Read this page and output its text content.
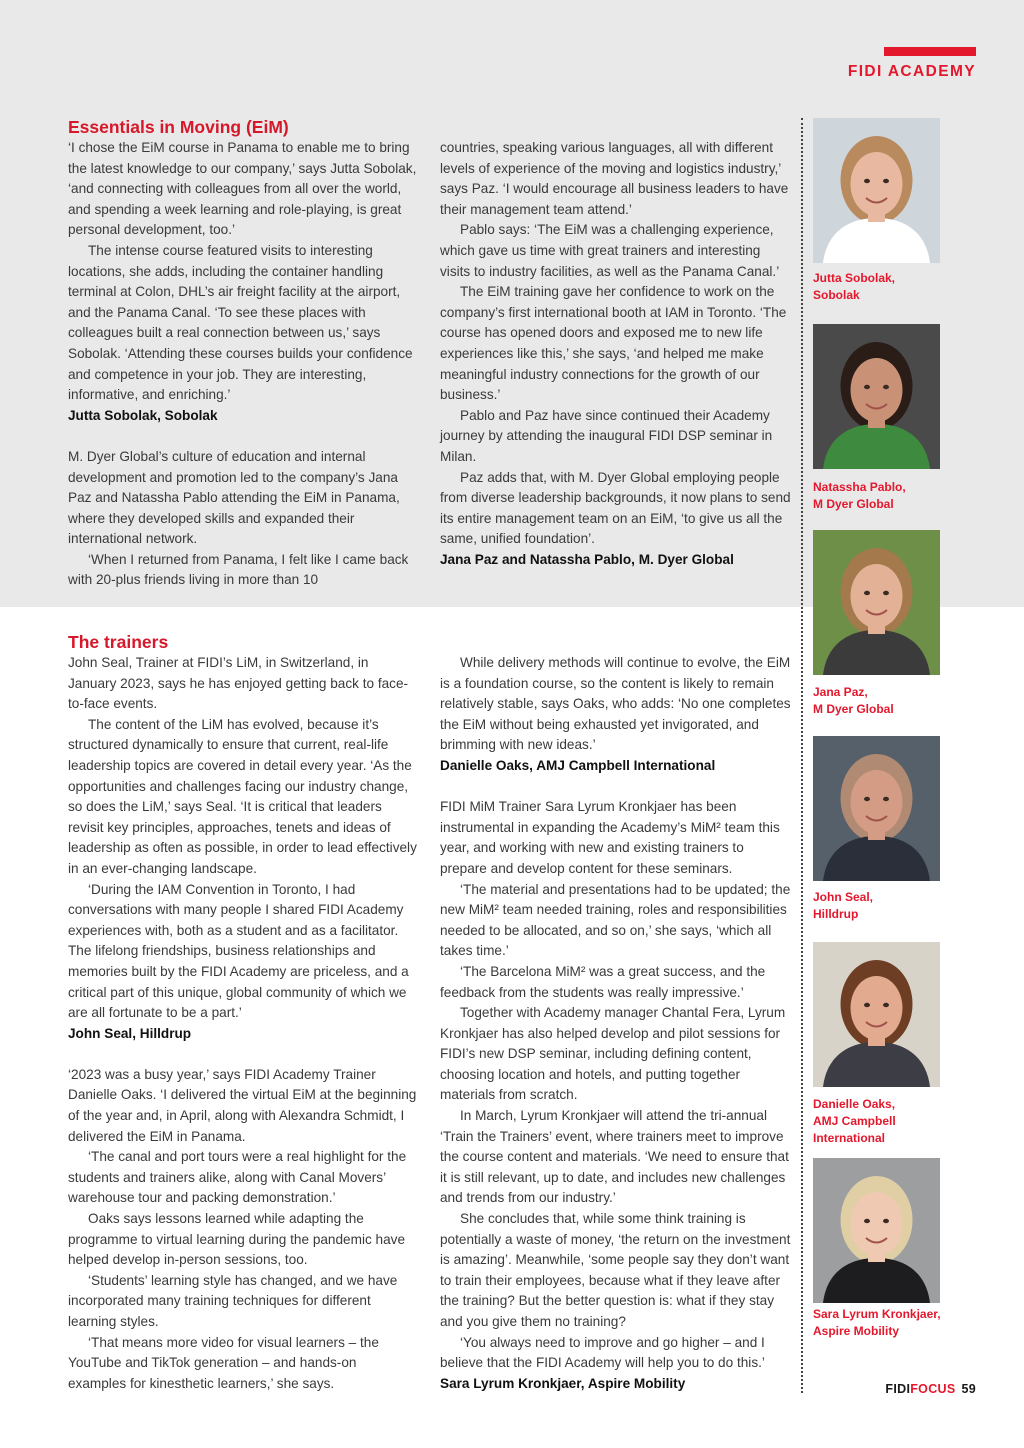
FIDI ACADEMY
Essentials in Moving (EiM)

‘I chose the EiM course in Panama to enable me to bring the latest knowledge to our company,’ says Jutta Sobolak, ‘and connecting with colleagues from all over the world, and spending a week learning and role-playing, is great personal development, too.’

The intense course featured visits to interesting locations, she adds, including the container handling terminal at Colon, DHL’s air freight facility at the airport, and the Panama Canal. ‘To see these places with colleagues built a real connection between us,’ says Sobolak. ‘Attending these courses builds your confidence and competence in your job. They are interesting, informative, and enriching.’

Jutta Sobolak, Sobolak

M. Dyer Global’s culture of education and internal development and promotion led to the company’s Jana Paz and Natassha Pablo attending the EiM in Panama, where they developed skills and expanded their international network.

‘When I returned from Panama, I felt like I came back with 20-plus friends living in more than 10

countries, speaking various languages, all with different levels of experience of the moving and logistics industry,’ says Paz. ‘I would encourage all business leaders to have their management team attend.’

Pablo says: ‘The EiM was a challenging experience, which gave us time with great trainers and interesting visits to industry facilities, as well as the Panama Canal.’

The EiM training gave her confidence to work on the company’s first international booth at IAM in Toronto. ‘The course has opened doors and exposed me to new life experiences like this,’ she says, ‘and helped me make meaningful industry connections for the growth of our business.’

Pablo and Paz have since continued their Academy journey by attending the inaugural FIDI DSP seminar in Milan.

Paz adds that, with M. Dyer Global employing people from diverse leadership backgrounds, it now plans to send its entire management team on an EiM, ‘to give us all the same, unified foundation’.

Jana Paz and Natassha Pablo, M. Dyer Global

The trainers

John Seal, Trainer at FIDI’s LiM, in Switzerland, in January 2023, says he has enjoyed getting back to face-to-face events.

The content of the LiM has evolved, because it’s structured dynamically to ensure that current, real-life leadership topics are covered in detail every year. ‘As the opportunities and challenges facing our industry change, so does the LiM,’ says Seal. ‘It is critical that leaders revisit key principles, approaches, tenets and ideas of leadership as often as possible, in order to lead effectively in an ever-changing landscape.

‘During the IAM Convention in Toronto, I had conversations with many people I shared FIDI Academy experiences with, both as a student and as a facilitator. The lifelong friendships, business relationships and memories built by the FIDI Academy are priceless, and a critical part of this unique, global community of which we are all fortunate to be a part.’

John Seal, Hilldrup

‘2023 was a busy year,’ says FIDI Academy Trainer Danielle Oaks. ‘I delivered the virtual EiM at the beginning of the year and, in April, along with Alexandra Schmidt, I delivered the EiM in Panama.

‘The canal and port tours were a real highlight for the students and trainers alike, along with Canal Movers’ warehouse tour and packing demonstration.’

Oaks says lessons learned while adapting the programme to virtual learning during the pandemic have helped develop in-person sessions, too.

‘Students’ learning style has changed, and we have incorporated many training techniques for different learning styles.

‘That means more video for visual learners – the YouTube and TikTok generation – and hands-on examples for kinesthetic learners,’ she says.

While delivery methods will continue to evolve, the EiM is a foundation course, so the content is likely to remain relatively stable, says Oaks, who adds: ‘No one completes the EiM without being exhausted yet invigorated, and brimming with new ideas.’

Danielle Oaks, AMJ Campbell International

FIDI MiM Trainer Sara Lyrum Kronkjaer has been instrumental in expanding the Academy’s MiM² team this year, and working with new and existing trainers to prepare and develop content for these seminars.

‘The material and presentations had to be updated; the new MiM² team needed training, roles and responsibilities needed to be allocated, and so on,’ she says, ‘which all takes time.’

‘The Barcelona MiM² was a great success, and the feedback from the students was really impressive.’

Together with Academy manager Chantal Fera, Lyrum Kronkjaer has also helped develop and pilot sessions for FIDI’s new DSP seminar, including defining content, choosing location and hotels, and putting together materials from scratch.

In March, Lyrum Kronkjaer will attend the tri-annual ‘Train the Trainers’ event, where trainers meet to improve the course content and materials. ‘We need to ensure that it is still relevant, up to date, and includes new challenges and trends from our industry.’

She concludes that, while some think training is potentially a waste of money, ‘the return on the investment is amazing’. Meanwhile, ‘some people say they don’t want to train their employees, because what if they leave after the training? But the better question is: what if they stay and you give them no training?

‘You always need to improve and go higher – and I believe that the FIDI Academy will help you to do this.’

Sara Lyrum Kronkjaer, Aspire Mobility

Jutta Sobolak,
Sobolak
Natassha Pablo,
M Dyer Global
Jana Paz,
M Dyer Global
John Seal,
Hilldrup
Danielle Oaks,
AMJ Campbell
International
Sara Lyrum Kronkjaer,
Aspire Mobility
FIDIFOCUS 59
